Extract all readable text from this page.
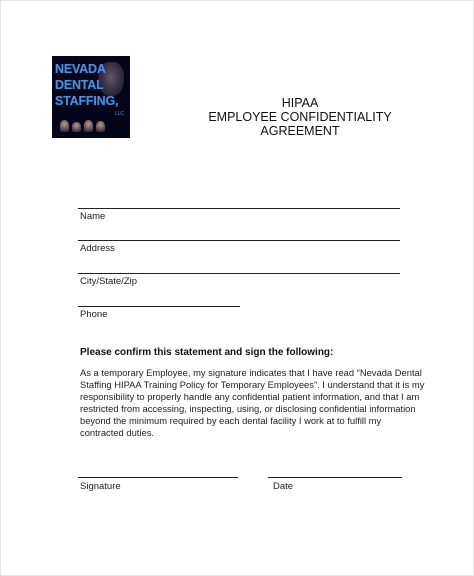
NEVADA
DENTAL
STAFFING,
LLC
HIPAA
EMPLOYEE CONFIDENTIALITY
AGREEMENT
Name
Address
City/State/Zip
Phone
Please confirm this statement and sign the following:
As a temporary Employee, my signature indicates that I have read “Nevada Dental
Staffing HIPAA Training Policy for Temporary Employees”. I understand that it is my
responsibility to properly handle any confidential patient information, and that I am
restricted from accessing, inspecting, using, or disclosing confidential information
beyond the minimum required by each dental facility I work at to fulfill my
contracted duties.
Signature	Date
